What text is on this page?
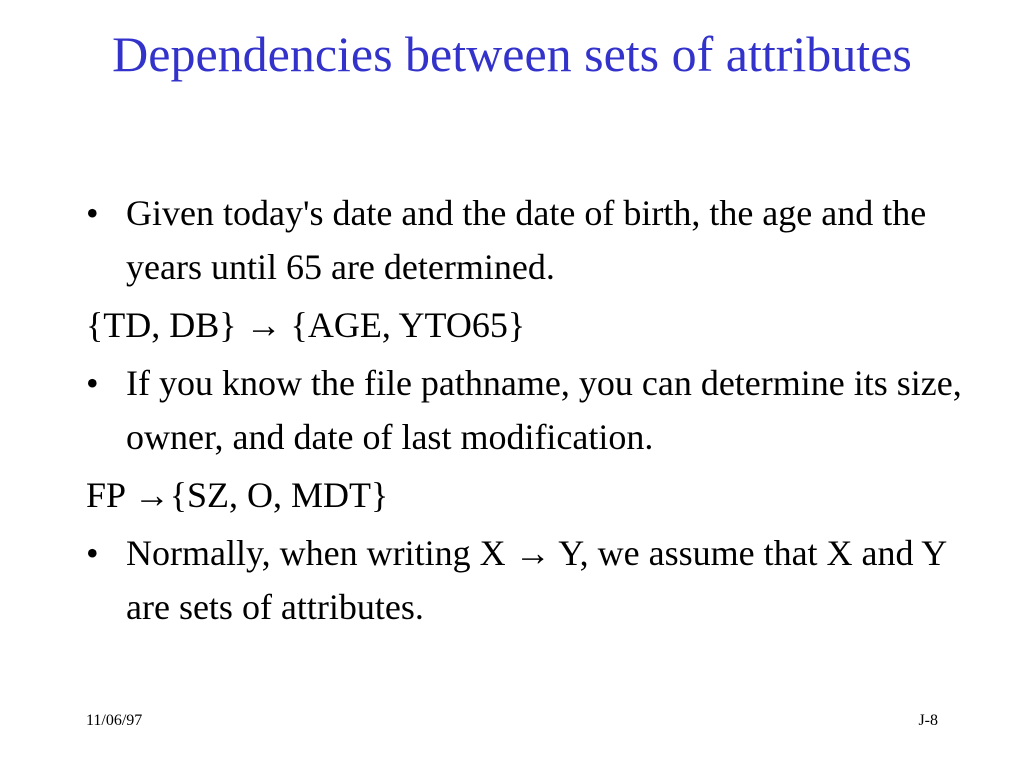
Dependencies between sets of attributes
• Given today's date and the date of birth, the age and the years until 65 are determined.
{TD, DB} → {AGE, YTO65}
• If you know the file pathname, you can determine its size, owner, and date of last modification.
FP →{SZ, O, MDT}
• Normally, when writing X → Y, we assume that X and Y are sets of attributes.
11/06/97	J-8
